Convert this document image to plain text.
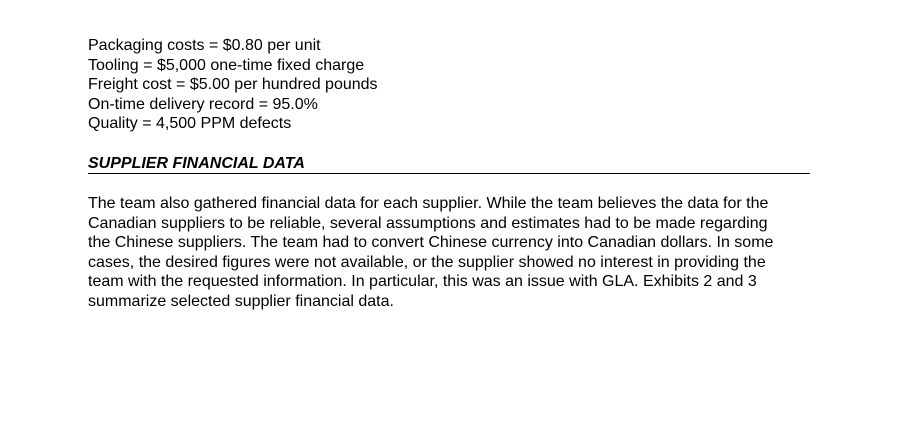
Packaging costs = $0.80 per unit
Tooling = $5,000 one-time fixed charge
Freight cost = $5.00 per hundred pounds
On-time delivery record = 95.0%
Quality = 4,500 PPM defects
SUPPLIER FINANCIAL DATA

The team also gathered financial data for each supplier. While the team believes the data for the Canadian suppliers to be reliable, several assumptions and estimates had to be made regarding the Chinese suppliers. The team had to convert Chinese currency into Canadian dollars. In some cases, the desired figures were not available, or the supplier showed no interest in providing the team with the requested information. In particular, this was an issue with GLA. Exhibits 2 and 3 summarize selected supplier financial data.
